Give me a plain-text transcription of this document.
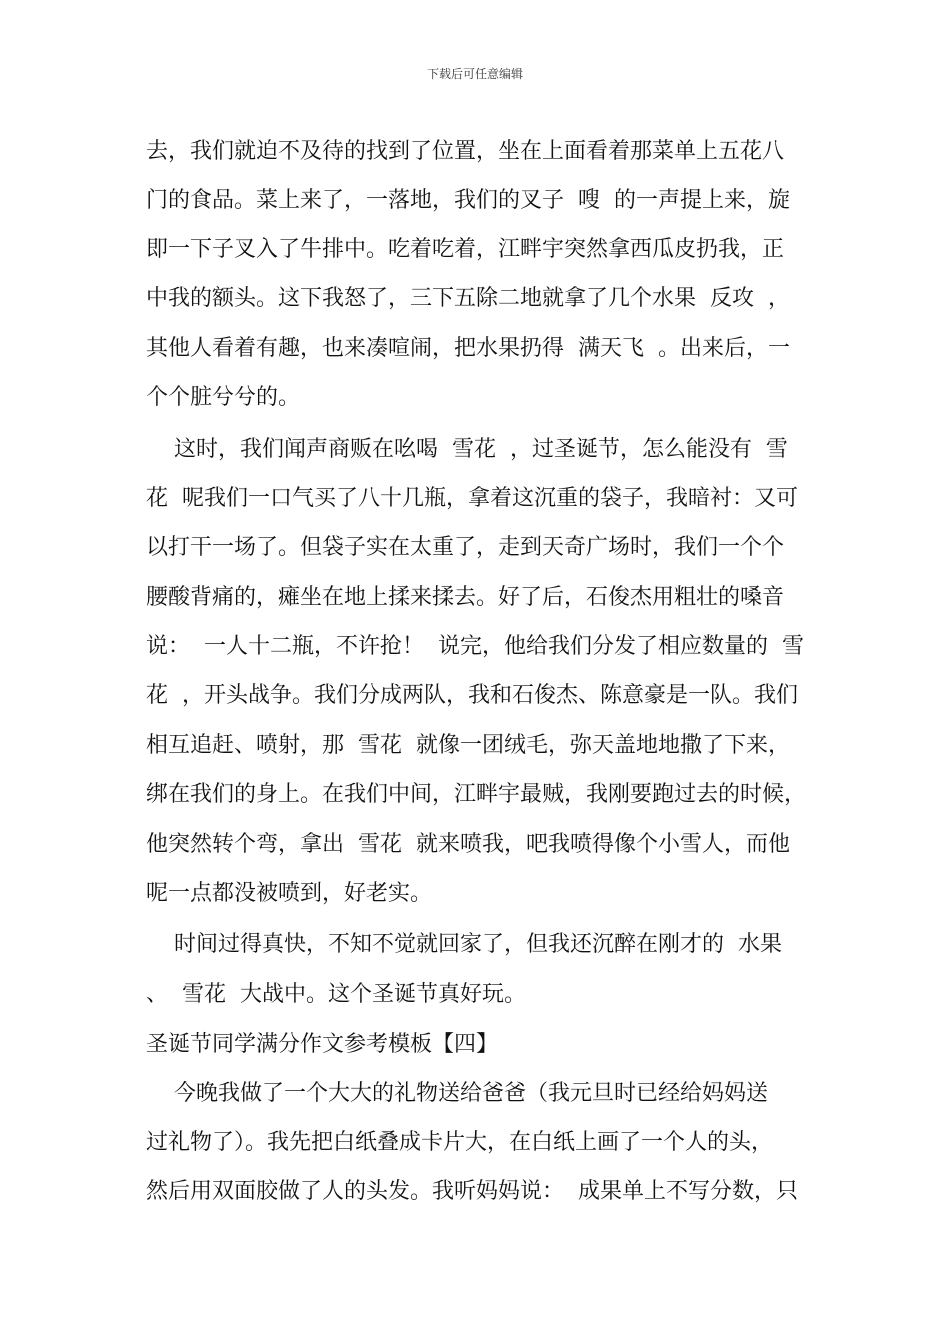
下载后可任意编辑
去，我们就迫不及待的找到了位置，坐在上面看着那菜单上五花八
门的食品。菜上来了，一落地，我们的叉子  嗖  的一声提上来，旋
即一下子叉入了牛排中。吃着吃着，江畔宇突然拿西瓜皮扔我，正
中我的额头。这下我怒了，三下五除二地就拿了几个水果  反攻  ，
其他人看着有趣，也来凑喧闹，把水果扔得  满天飞  。出来后，一
个个脏兮兮的。
这时，我们闻声商贩在吆喝  雪花  ，过圣诞节，怎么能没有  雪
花  呢我们一口气买了八十几瓶，拿着这沉重的袋子，我暗衬：又可
以打干一场了。但袋子实在太重了，走到天奇广场时，我们一个个
腰酸背痛的，瘫坐在地上揉来揉去。好了后，石俊杰用粗壮的嗓音
说：  一人十二瓶，不许抢！  说完，他给我们分发了相应数量的  雪
花  ，开头战争。我们分成两队，我和石俊杰、陈意豪是一队。我们
相互追赶、喷射，那  雪花  就像一团绒毛，弥天盖地地撒了下来，
绑在我们的身上。在我们中间，江畔宇最贼，我刚要跑过去的时候，
他突然转个弯，拿出  雪花  就来喷我，吧我喷得像个小雪人，而他
呢一点都没被喷到，好老实。
时间过得真快，不知不觉就回家了，但我还沉醉在刚才的  水果
、  雪花  大战中。这个圣诞节真好玩。
圣诞节同学满分作文参考模板【四】
今晚我做了一个大大的礼物送给爸爸（我元旦时已经给妈妈送
过礼物了）。我先把白纸叠成卡片大，在白纸上画了一个人的头，
然后用双面胶做了人的头发。我听妈妈说：  成果单上不写分数，只
